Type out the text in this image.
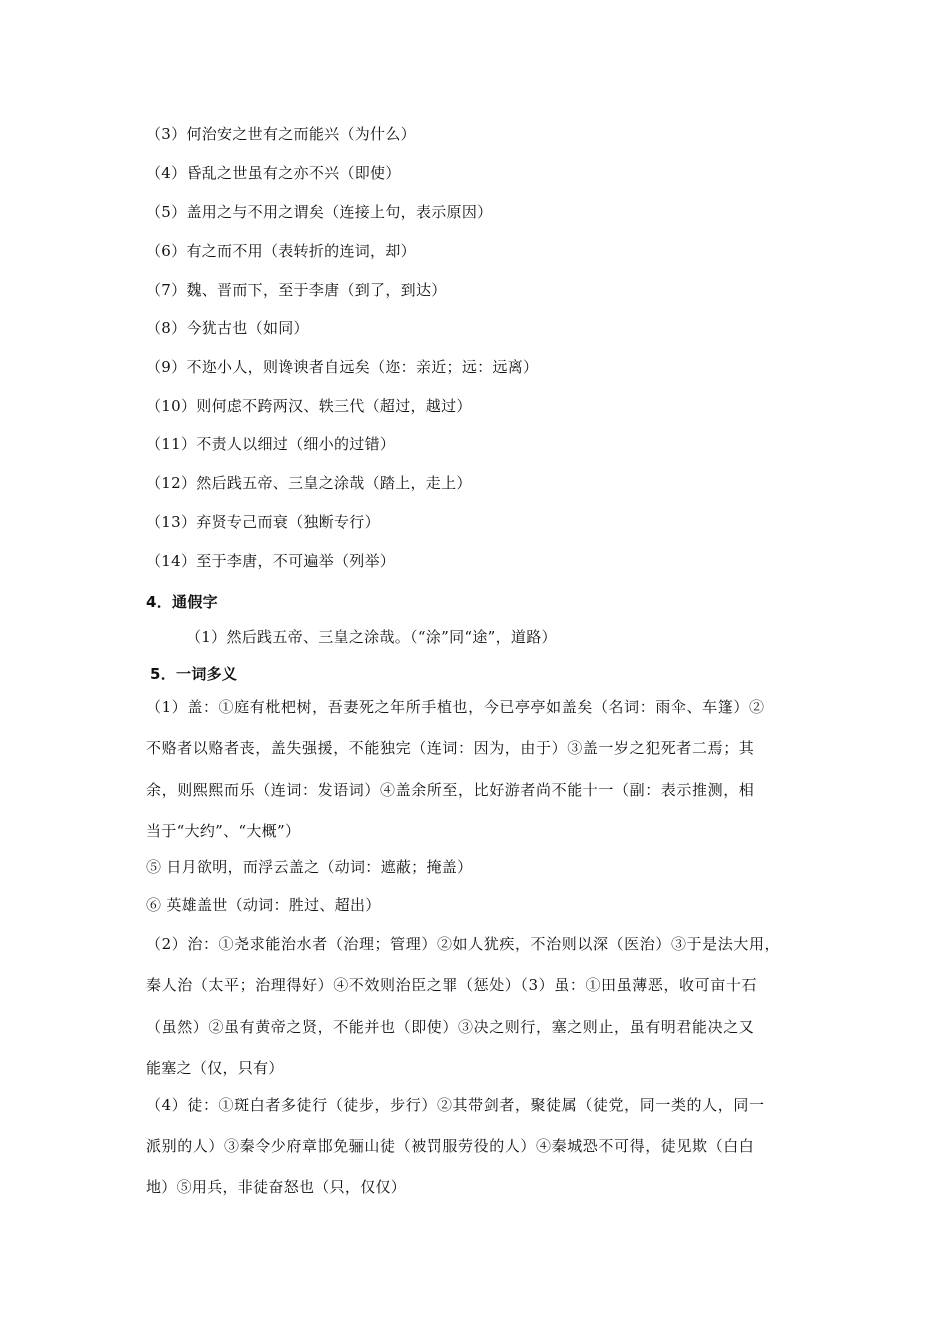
（3）何治安之世有之而能兴（为什么）
（4）昏乱之世虽有之亦不兴（即使）
（5）盖用之与不用之谓矣（连接上句，表示原因）
（6）有之而不用（表转折的连词，却）
（7）魏、晋而下，至于李唐（到了，到达）
（8）今犹古也（如同）
（9）不迩小人，则谗谀者自远矣（迩：亲近；远：远离）
（10）则何虑不跨两汉、轶三代（超过，越过）
（11）不责人以细过（细小的过错）
（12）然后践五帝、三皇之涂哉（踏上，走上）
（13）弃贤专己而衰（独断专行）
（14）至于李唐，不可遍举（列举）
4．通假字
（1）然后践五帝、三皇之涂哉。（“涂”同“途”，道路）
5．一词多义
（1）盖：①庭有枇杷树，吾妻死之年所手植也，今已亭亭如盖矣（名词：雨伞、车篷）②
不赂者以赂者丧，盖失强援，不能独完（连词：因为，由于）③盖一岁之犯死者二焉；其
余，则熙熙而乐（连词：发语词）④盖余所至，比好游者尚不能十一（副：表示推测，相
当于“大约”、“大概”）
⑤ 日月欲明，而浮云盖之（动词：遮蔽；掩盖）
⑥ 英雄盖世（动词：胜过、超出）
（2）治：①尧求能治水者（治理；管理）②如人犹疾，不治则以深（医治）③于是法大用，
秦人治（太平；治理得好）④不效则治臣之罪（惩处）（3）虽：①田虽薄恶，收可亩十石
（虽然）②虽有黄帝之贤，不能并也（即使）③决之则行，塞之则止，虽有明君能决之又
能塞之（仅，只有）
（4）徒：①斑白者多徒行（徒步，步行）②其带剑者，聚徒属（徒党，同一类的人，同一
派别的人）③秦令少府章邯免骊山徒（被罚服劳役的人）④秦城恐不可得，徒见欺（白白
地）⑤用兵，非徒奋怒也（只，仅仅）
